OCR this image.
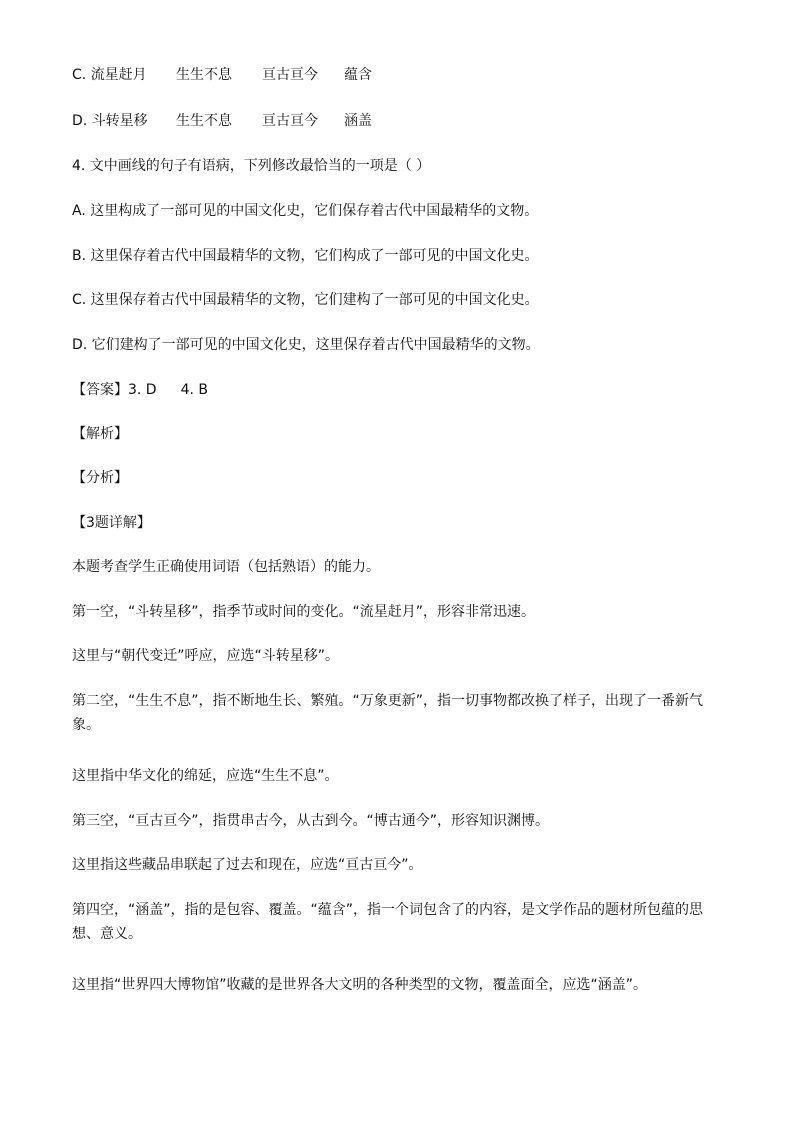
C. 流星赶月 生生不息 亘古亘今 蕴含
D. 斗转星移 生生不息 亘古亘今 涵盖
4. 文中画线的句子有语病，下列修改最恰当的一项是（ ）
A. 这里构成了一部可见的中国文化史，它们保存着古代中国最精华的文物。
B. 这里保存着古代中国最精华的文物，它们构成了一部可见的中国文化史。
C. 这里保存着古代中国最精华的文物，它们建构了一部可见的中国文化史。
D. 它们建构了一部可见的中国文化史，这里保存着古代中国最精华的文物。
【答案】3. D 4. B
【解析】
【分析】
【3题详解】
本题考查学生正确使用词语（包括熟语）的能力。
第一空，“斗转星移”，指季节或时间的变化。“流星赶月”，形容非常迅速。
这里与“朝代变迁”呼应，应选“斗转星移”。
第二空，“生生不息”，指不断地生长、繁殖。“万象更新”，指一切事物都改换了样子，出现了一番新气象。
这里指中华文化的绵延，应选“生生不息”。
第三空，“亘古亘今”，指贯串古今，从古到今。“博古通今”，形容知识渊博。
这里指这些藏品串联起了过去和现在，应选“亘古亘今”。
第四空，“涵盖”，指的是包容、覆盖。“蕴含”，指一个词包含了的内容，是文学作品的题材所包蕴的思想、意义。
这里指“世界四大博物馆”收藏的是世界各大文明的各种类型的文物，覆盖面全，应选“涵盖”。
